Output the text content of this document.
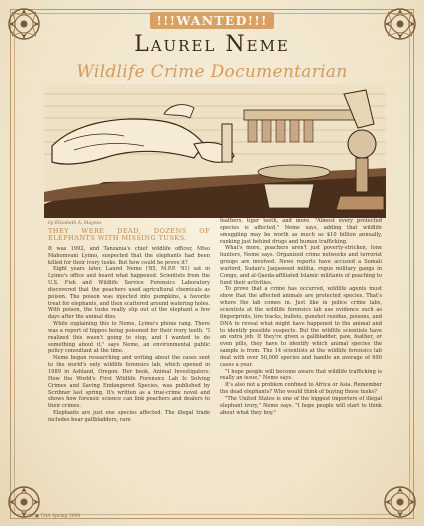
!!!WANTED!!!
Laurel Neme
Wildlife Crime Documentarian
by Elizabeth A. Maynes
THEY WERE DEAD, DOZENS OF ELEPHANTS WITH MISSING TUSKS.

It was 1992, and Tanzania's chief wildlife officer, Mtso Mahomvani Lyimo, suspected that the elephants had been killed for their ivory tusks. But how could he prove it?

Eight years later, Laurel Neme ('85, M.P.P. '91) sat in Lyimo's office and heard what happened. Scientists from the U.S. Fish and Wildlife Service Forensics Laboratory discovered that the poachers used agricultural chemicals as poison. The poison was injected into pumpkins, a favorite treat for elephants, and then scattered around watering holes. With poison, the tusks really slip out of the elephant a few days after the animal dies.

While explaining this to Neme, Lyimo's phone rang. There was a report of hippos being poisoned for their ivory teeth. "I realized this wasn't going to stop, and I wanted to do something about it," says Neme, an environmental public policy consultant at the time.

Neme began researching and writing about the cases sent to the world's only wildlife forensics lab, which opened in 1989 in Ashland, Oregon. Her book, Animal Investigators: How the World's First Wildlife Forensics Lab Is Solving Crimes and Saving Endangered Species, was published by Scribner last spring. It's written as a true-crime novel and shows how forensic science can link poachers and dealers to their crimes.

Elephants are just one species affected. The illegal trade includes bear gallbladders, rare

feathers, tiger teeth, and more. "Almost every protected species is affected," Neme says, adding that wildlife smuggling may be worth as much as $10 billion annually, ranking just behind drugs and human trafficking.

What's more, poachers aren't just poverty-stricken, lone hunters, Neme says. Organized crime networks and terrorist groups are involved. News reports have accused a Somali warlord, Sudan's Janjaweed militia, rogue military gangs in Congo, and al-Qaeda-affiliated Islamic militants of poaching to fund their activities.

To prove that a crime has occurred, wildlife agents must show that the affected animals are protected species. That's where the lab comes in. Just like in police crime labs, scientists at the wildlife forensics lab use evidence such as fingerprints, tire tracks, bullets, gunshot residue, poisons, and DNA to reveal what might have happened to the animal and to identify possible suspects. But the wildlife scientists have an extra job. If they're given a gallbladder, paw, feather, or even pills, they have to identify which animal species the sample is from. The 14 scientists at the wildlife forensics lab deal with over 50,000 species and handle an average of 600 cases a year.

"I hope people will become aware that wildlife trafficking is really an issue," Neme says.

It's also not a problem confined to Africa or Asia. Remember the dead elephants? Who would think of buying those tusks?

"The United States is one of the biggest importers of illegal elephant ivory," Neme says. "I hope people will start to think about what they buy."

26 ● UAA Spring 2009
